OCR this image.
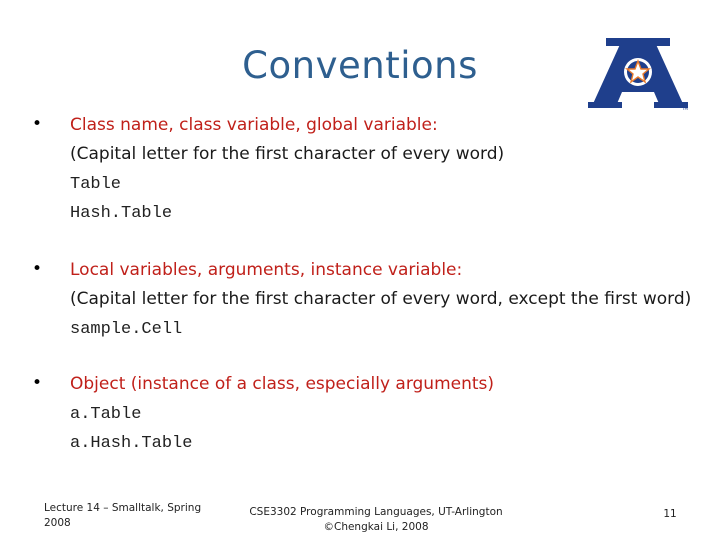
Conventions
TM
•	Class name, class variable, global variable:
(Capital letter for the first character of every word)
Table
Hash.Table
•	Local variables, arguments, instance variable:
(Capital letter for the first character of every word, except the first word)
sample.Cell
•	Object (instance of a class, especially arguments)
a.Table
a.Hash.Table
Lecture 14 – Smalltalk, Spring
2008
CSE3302 Programming Languages, UT-Arlington
©Chengkai Li, 2008
11
